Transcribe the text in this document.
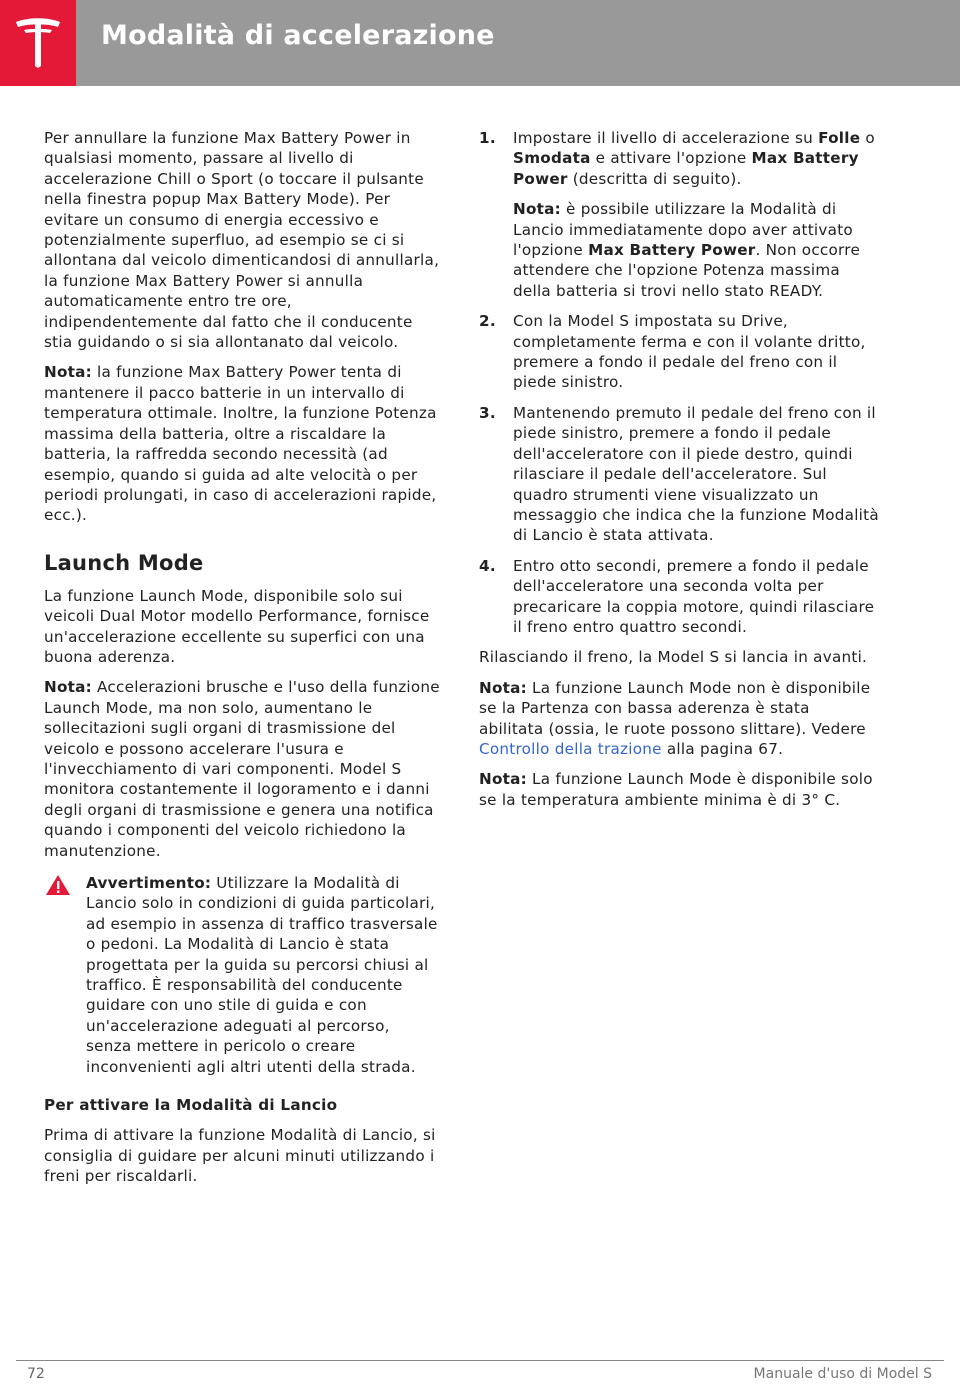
Modalità di accelerazione

Per annullare la funzione Max Battery Power in qualsiasi momento, passare al livello di accelerazione Chill o Sport (o toccare il pulsante nella finestra popup Max Battery Mode). Per evitare un consumo di energia eccessivo e potenzialmente superfluo, ad esempio se ci si allontana dal veicolo dimenticandosi di annullarla, la funzione Max Battery Power si annulla automaticamente entro tre ore, indipendentemente dal fatto che il conducente stia guidando o si sia allontanato dal veicolo.

Nota: la funzione Max Battery Power tenta di mantenere il pacco batterie in un intervallo di temperatura ottimale. Inoltre, la funzione Potenza massima della batteria, oltre a riscaldare la batteria, la raffredda secondo necessità (ad esempio, quando si guida ad alte velocità o per periodi prolungati, in caso di accelerazioni rapide, ecc.).

Launch Mode

La funzione Launch Mode, disponibile solo sui veicoli Dual Motor modello Performance, fornisce un'accelerazione eccellente su superfici con una buona aderenza.

Nota: Accelerazioni brusche e l'uso della funzione Launch Mode, ma non solo, aumentano le sollecitazioni sugli organi di trasmissione del veicolo e possono accelerare l'usura e l'invecchiamento di vari componenti. Model S monitora costantemente il logoramento e i danni degli organi di trasmissione e genera una notifica quando i componenti del veicolo richiedono la manutenzione.

Avvertimento: Utilizzare la Modalità di Lancio solo in condizioni di guida particolari, ad esempio in assenza di traffico trasversale o pedoni. La Modalità di Lancio è stata progettata per la guida su percorsi chiusi al traffico. È responsabilità del conducente guidare con uno stile di guida e con un'accelerazione adeguati al percorso, senza mettere in pericolo o creare inconvenienti agli altri utenti della strada.
Per attivare la Modalità di Lancio

Prima di attivare la funzione Modalità di Lancio, si consiglia di guidare per alcuni minuti utilizzando i freni per riscaldarli.

1. Impostare il livello di accelerazione su Folle o Smodata e attivare l'opzione Max Battery Power (descritta di seguito).

Nota: è possibile utilizzare la Modalità di Lancio immediatamente dopo aver attivato l'opzione Max Battery Power. Non occorre attendere che l'opzione Potenza massima della batteria si trovi nello stato READY.

2. Con la Model S impostata su Drive, completamente ferma e con il volante dritto, premere a fondo il pedale del freno con il piede sinistro.
3. Mantenendo premuto il pedale del freno con il piede sinistro, premere a fondo il pedale dell'acceleratore con il piede destro, quindi rilasciare il pedale dell'acceleratore. Sul quadro strumenti viene visualizzato un messaggio che indica che la funzione Modalità di Lancio è stata attivata.
4. Entro otto secondi, premere a fondo il pedale dell'acceleratore una seconda volta per precaricare la coppia motore, quindi rilasciare il freno entro quattro secondi.

Rilasciando il freno, la Model S si lancia in avanti.

Nota: La funzione Launch Mode non è disponibile se la Partenza con bassa aderenza è stata abilitata (ossia, le ruote possono slittare). Vedere Controllo della trazione alla pagina 67.

Nota: La funzione Launch Mode è disponibile solo se la temperatura ambiente minima è di 3° C.

72	Manuale d'uso di Model S
